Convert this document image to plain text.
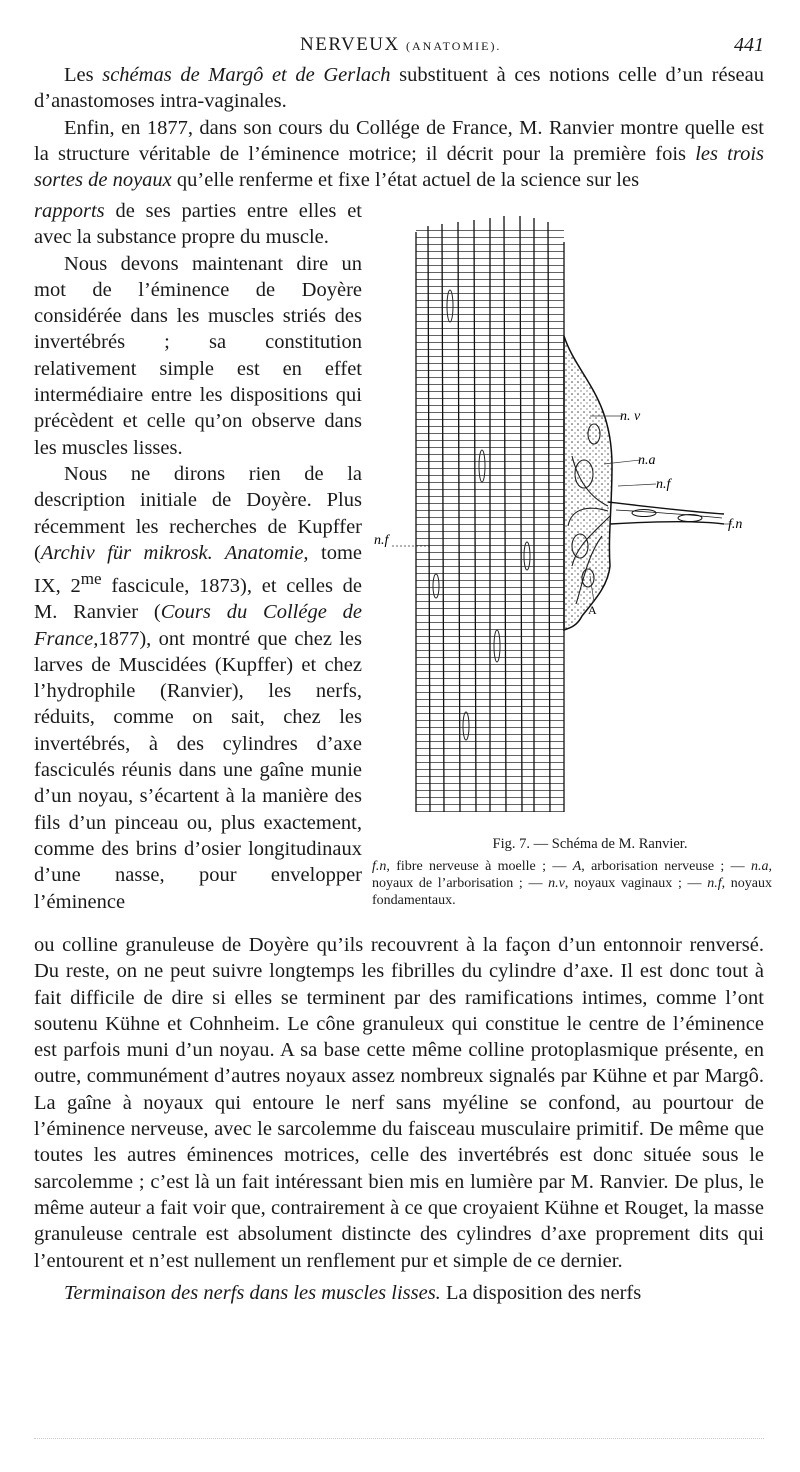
NERVEUX (ANATOMIE).	441

Les schémas de Margô et de Gerlach substituent à ces notions celle d’un réseau d’anastomoses intra-vaginales.

Enfin, en 1877, dans son cours du Collége de France, M. Ranvier montre quelle est la structure véritable de l’éminence motrice; il décrit pour la première fois les trois sortes de noyaux qu’elle renferme et fixe l’état actuel de la science sur les

rapports de ses parties entre elles et avec la substance propre du muscle.

Nous devons maintenant dire un mot de l’éminence de Doyère considérée dans les muscles striés des invertébrés ; sa constitution relativement simple est en effet intermédiaire entre les dispositions qui précèdent et celle qu’on observe dans les muscles lisses.

Nous ne dirons rien de la description initiale de Doyère. Plus récemment les recherches de Kupffer (Archiv für mikrosk. Anatomie, tome IX, $2^{me}$ fascicule, 1873), et celles de M. Ranvier (Cours du Collége de France,1877), ont montré que chez les larves de Muscidées (Kupffer) et chez l’hydrophile (Ranvier), les nerfs, réduits, comme on sait, chez les invertébrés, à des cylindres d’axe fasciculés réunis dans une gaîne munie d’un noyau, s’écartent à la manière des fils d’un pinceau ou, plus exactement, comme des brins d’osier longitudinaux d’une nasse, pour envelopper l’éminence

n. v
n.a
n.f
f.n
n.f
A
Fig. 7. — Schéma de M. Ranvier.
f.n, fibre nerveuse à moelle ; — A, arborisation nerveuse ; — n.a, noyaux de l’arborisation ; — n.v, noyaux vaginaux ; — n.f, noyaux fondamentaux.

ou colline granuleuse de Doyère qu’ils recouvrent à la façon d’un entonnoir renversé. Du reste, on ne peut suivre longtemps les fibrilles du cylindre d’axe. Il est donc tout à fait difficile de dire si elles se terminent par des ramifications intimes, comme l’ont soutenu Kühne et Cohnheim. Le cône granuleux qui constitue le centre de l’éminence est parfois muni d’un noyau. A sa base cette même colline protoplasmique présente, en outre, communément d’autres noyaux assez nombreux signalés par Kühne et par Margô. La gaîne à noyaux qui entoure le nerf sans myéline se confond, au pourtour de l’éminence nerveuse, avec le sarcolemme du faisceau musculaire primitif. De même que toutes les autres éminences motrices, celle des invertébrés est donc située sous le sarcolemme ; c’est là un fait intéressant bien mis en lumière par M. Ranvier. De plus, le même auteur a fait voir que, contrairement à ce que croyaient Kühne et Rouget, la masse granuleuse centrale est absolument distincte des cylindres d’axe proprement dits qui l’entourent et n’est nullement un renflement pur et simple de ce dernier.

Terminaison des nerfs dans les muscles lisses. La disposition des nerfs
